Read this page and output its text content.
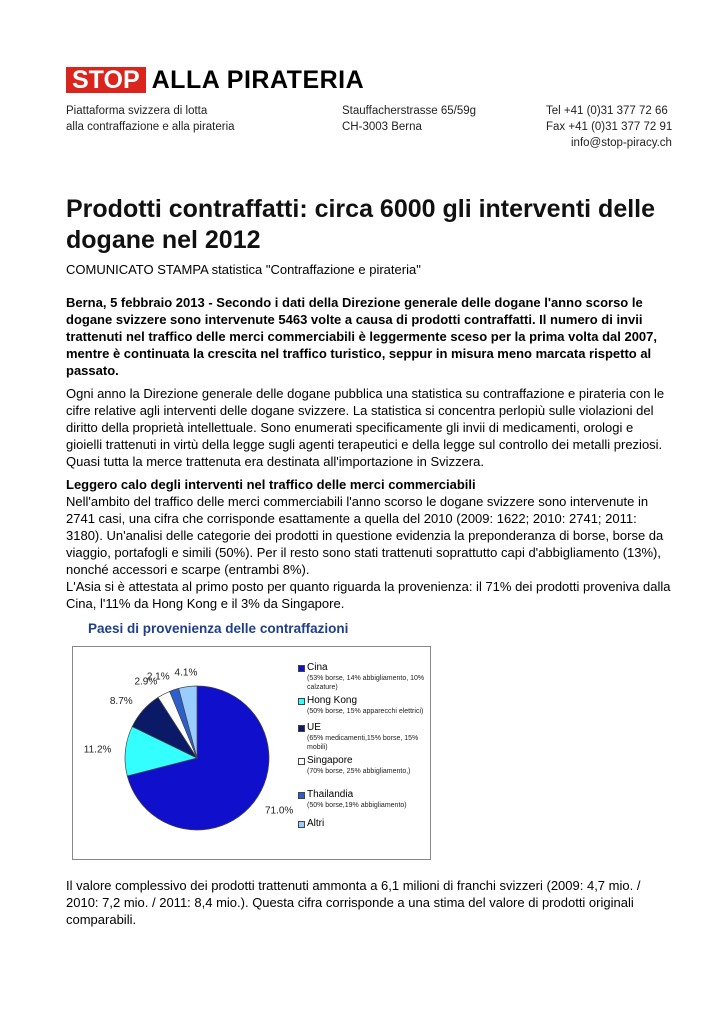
STOP ALLA PIRATERIA
Piattaforma svizzera di lotta
alla contraffazione e alla pirateria
Stauffacherstrasse 65/59g
CH-3003 Berna
Tel +41 (0)31 377 72 66
Fax +41 (0)31 377 72 91
info@stop-piracy.ch
Prodotti contraffatti: circa 6000 gli interventi delle dogane nel 2012
COMUNICATO STAMPA statistica "Contraffazione e pirateria"

Berna, 5 febbraio 2013 - Secondo i dati della Direzione generale delle dogane l'anno scorso le dogane svizzere sono intervenute 5463 volte a causa di prodotti contraffatti. Il numero di invii trattenuti nel traffico delle merci commerciabili è leggermente sceso per la prima volta dal 2007, mentre è continuata la crescita nel traffico turistico, seppur in misura meno marcata rispetto al passato.

Ogni anno la Direzione generale delle dogane pubblica una statistica su contraffazione e pirateria con le cifre relative agli interventi delle dogane svizzere. La statistica si concentra perlopiù sulle violazioni del diritto della proprietà intellettuale. Sono enumerati specificamente gli invii di medicamenti, orologi e gioielli trattenuti in virtù della legge sugli agenti terapeutici e della legge sul controllo dei metalli preziosi. Quasi tutta la merce trattenuta era destinata all'importazione in Svizzera.

Leggero calo degli interventi nel traffico delle merci commerciabili

Nell'ambito del traffico delle merci commerciabili l'anno scorso le dogane svizzere sono intervenute in 2741 casi, una cifra che corrisponde esattamente a quella del 2010 (2009: 1622; 2010: 2741; 2011: 3180). Un'analisi delle categorie dei prodotti in questione evidenzia la preponderanza di borse, borse da viaggio, portafogli e simili (50%). Per il resto sono stati trattenuti soprattutto capi d'abbigliamento (13%), nonché accessori e scarpe (entrambi 8%).

L'Asia si è attestata al primo posto per quanto riguarda la provenienza: il 71% dei prodotti proveniva dalla Cina, l'11% da Hong Kong e il 3% da Singapore.

Paesi di provenienza delle contraffazioni
71.0%
11.2%
8.7%
2.9%
2.1% 4.1%
Cina
(53% borse, 14% abbigliamento, 10% calzature)
Hong Kong
(50% borse, 15% apparecchi elettrici)
UE
(65% medicamenti,15% borse, 15% mobili)
Singapore
(70% borse, 25% abbigliamento,)
Thailandia
(50% borse,19% abbigliamento)
Altri

Il valore complessivo dei prodotti trattenuti ammonta a 6,1 milioni di franchi svizzeri (2009: 4,7 mio. / 2010: 7,2 mio. / 2011: 8,4 mio.). Questa cifra corrisponde a una stima del valore di prodotti originali comparabili.
